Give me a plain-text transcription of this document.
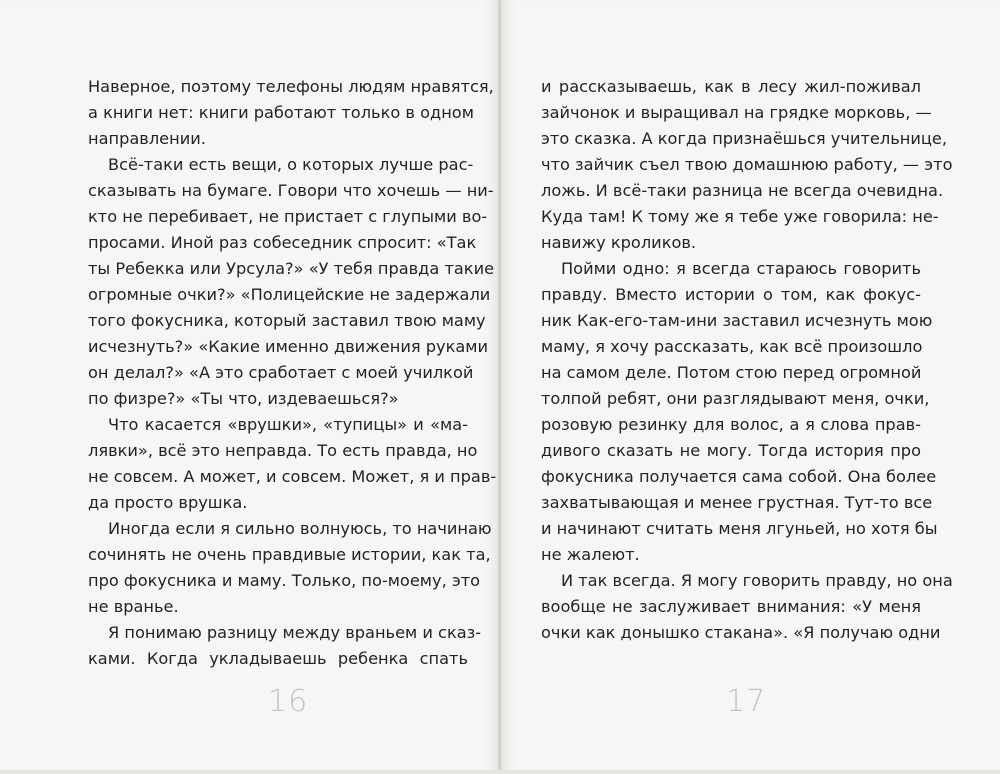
Наверное, поэтому телефоны людям нравятся,
а книги нет: книги работают только в одном
направлении.
Всё-таки есть вещи, о которых лучше рас-
сказывать на бумаге. Говори что хочешь — ни-
кто не перебивает, не пристает с глупыми во-
просами. Иной раз собеседник спросит: «Так
ты Ребекка или Урсула?» «У тебя правда такие
огромные очки?» «Полицейские не задержали
того фокусника, который заставил твою маму
исчезнуть?» «Какие именно движения руками
он делал?» «А это сработает с моей училкой
по физре?» «Ты что, издеваешься?»
Что касается «врушки», «тупицы» и «ма-
лявки», всё это неправда. То есть правда, но
не совсем. А может, и совсем. Может, я и прав-
да просто врушка.
Иногда если я сильно волнуюсь, то начинаю
сочинять не очень правдивые истории, как та,
про фокусника и маму. Только, по-моему, это
не вранье.
Я понимаю разницу между враньем и сказ-
ками. Когда укладываешь ребенка спать
16
и рассказываешь, как в лесу жил-поживал
зайчонок и выращивал на грядке морковь, —
это сказка. А когда признаёшься учительнице,
что зайчик съел твою домашнюю работу, — это
ложь. И всё-таки разница не всегда очевидна.
Куда там! К тому же я тебе уже говорила: не-
навижу кроликов.
Пойми одно: я всегда стараюсь говорить
правду. Вместо истории о том, как фокус-
ник Как-его-там-ини заставил исчезнуть мою
маму, я хочу рассказать, как всё произошло
на самом деле. Потом стою перед огромной
толпой ребят, они разглядывают меня, очки,
розовую резинку для волос, а я слова прав-
дивого сказать не могу. Тогда история про
фокусника получается сама собой. Она более
захватывающая и менее грустная. Тут-то все
и начинают считать меня лгуньей, но хотя бы
не жалеют.
И так всегда. Я могу говорить правду, но она
вообще не заслуживает внимания: «У меня
очки как донышко стакана». «Я получаю одни
17
